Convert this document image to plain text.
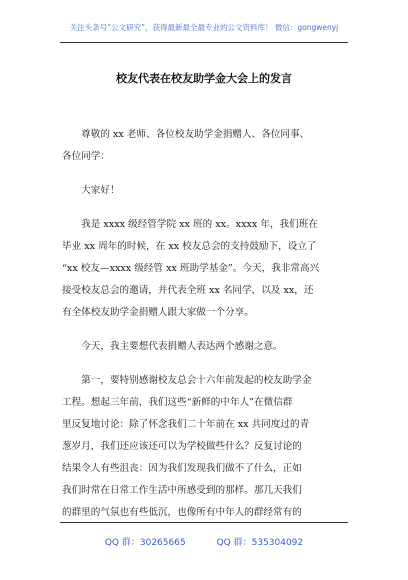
关注头条号“公文研究”，获得最新最全最专业的公文资料库！ 微信：gongwenyj
校友代表在校友助学金大会上的发言
　　尊敬的 xx 老师、各位校友助学金捐赠人、各位同事、
各位同学：
　　大家好！
　　我是 xxxx 级经管学院 xx 班的 xx。xxxx 年，我们班在
毕业 xx 周年的时候，在 xx 校友总会的支持鼓励下，设立了
“xx 校友—xxxx 级经管 xx 班助学基金”。今天，我非常高兴
接受校友总会的邀请，并代表全班 xx 名同学，以及 xx，还
有全体校友助学金捐赠人跟大家做一个分享。
　　今天，我主要想代表捐赠人表达两个感谢之意。
　　第一，要特别感谢校友总会十六年前发起的校友助学金
工程。想起三年前，我们这些“新鲜的中年人”在微信群
里反复地讨论：除了怀念我们二十年前在 xx 共同度过的青
葱岁月，我们还应该还可以为学校做些什么？反复讨论的
结果令人有些沮丧：因为我们发现我们做不了什么，正如
我们时常在日常工作生活中所感受到的那样。那几天我们
的群里的气氛也有些低沉，也像所有中年人的群经常有的
QQ 群：30265665	QQ 群：535304092
